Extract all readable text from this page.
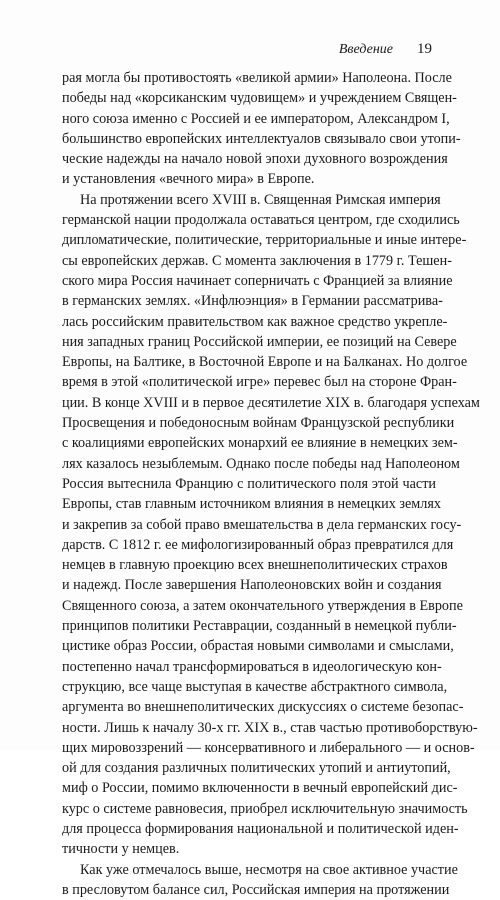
Введение 19
рая могла бы противостоять «великой армии» Наполеона. После
победы над «корсиканским чудовищем» и учреждением Священ-
ного союза именно с Россией и ее императором, Александром I,
большинство европейских интеллектуалов связывало свои утопи-
ческие надежды на начало новой эпохи духовного возрождения
и установления «вечного мира» в Европе.
На протяжении всего XVIII в. Священная Римская империя
германской нации продолжала оставаться центром, где сходились
дипломатические, политические, территориальные и иные интере-
сы европейских держав. С момента заключения в 1779 г. Тешен-
ского мира Россия начинает соперничать с Францией за влияние
в германских землях. «Инфлюэнция» в Германии рассматрива-
лась российским правительством как важное средство укрепле-
ния западных границ Российской империи, ее позиций на Севере
Европы, на Балтике, в Восточной Европе и на Балканах. Но долгое
время в этой «политической игре» перевес был на стороне Фран-
ции. В конце XVIII и в первое десятилетие XIX в. благодаря успехам
Просвещения и победоносным войнам Французской республики
с коалициями европейских монархий ее влияние в немецких зем-
лях казалось незыблемым. Однако после победы над Наполеоном
Россия вытеснила Францию с политического поля этой части
Европы, став главным источником влияния в немецких землях
и закрепив за собой право вмешательства в дела германских госу-
дарств. С 1812 г. ее мифологизированный образ превратился для
немцев в главную проекцию всех внешнеполитических страхов
и надежд. После завершения Наполеоновских войн и создания
Священного союза, а затем окончательного утверждения в Европе
принципов политики Реставрации, созданный в немецкой публи-
цистике образ России, обрастая новыми символами и смыслами,
постепенно начал трансформироваться в идеологическую кон-
струкцию, все чаще выступая в качестве абстрактного символа,
аргумента во внешнеполитических дискуссиях о системе безопас-
ности. Лишь к началу 30-х гг. XIX в., став частью противоборствую-
щих мировоззрений — консервативного и либерального — и основ-
ой для создания различных политических утопий и антиутопий,
миф о России, помимо включенности в вечный европейский дис-
курс о системе равновесия, приобрел исключительную значимость
для процесса формирования национальной и политической иден-
тичности у немцев.
Как уже отмечалось выше, несмотря на свое активное участие
в пресловутом балансе сил, Российская империя на протяжении
